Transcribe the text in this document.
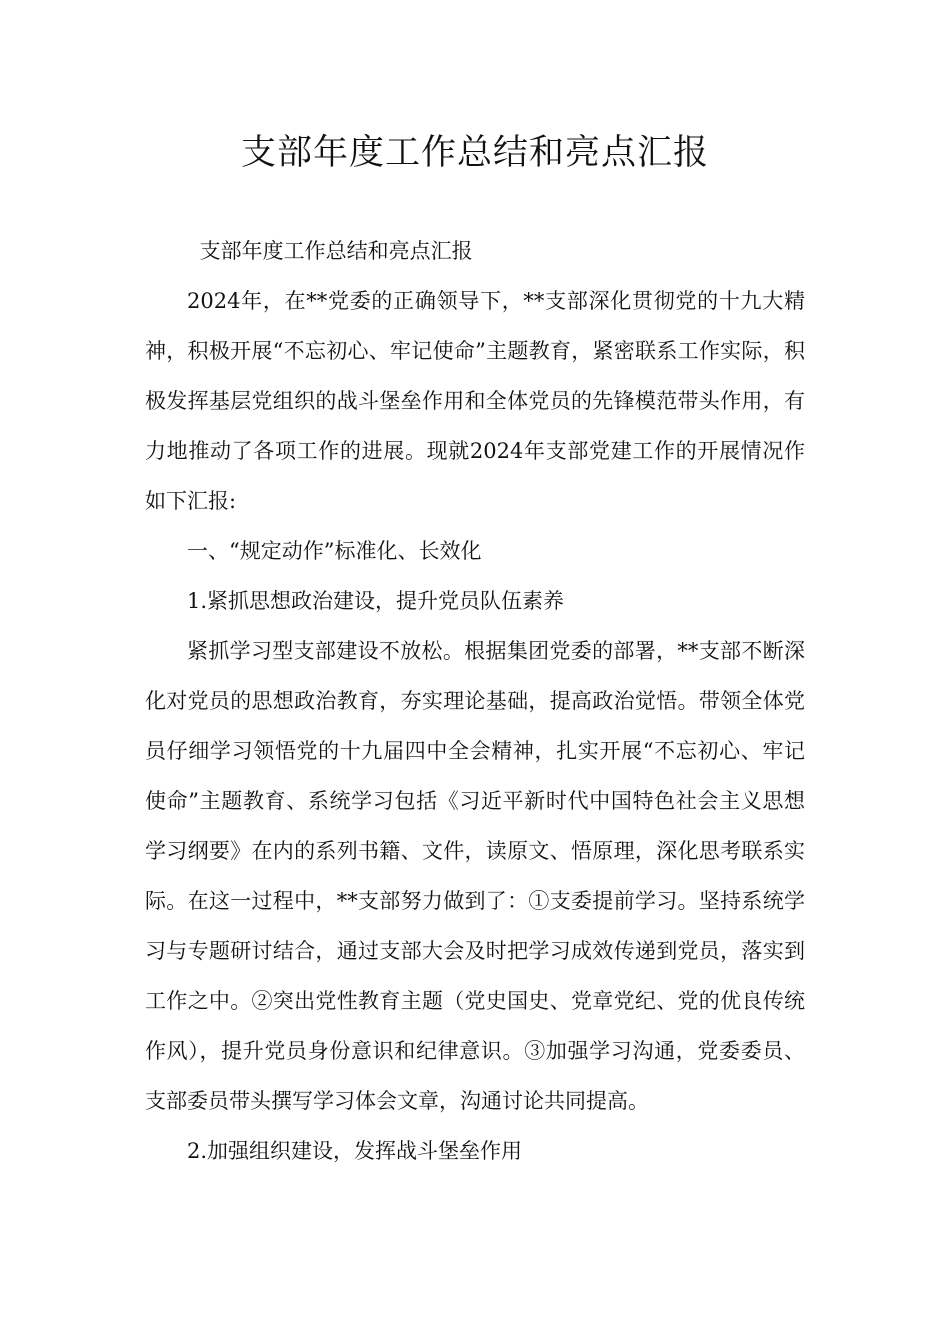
支部年度工作总结和亮点汇报

支部年度工作总结和亮点汇报

2024年，在**党委的正确领导下，**支部深化贯彻党的十九大精神，积极开展“不忘初心、牢记使命”主题教育，紧密联系工作实际，积极发挥基层党组织的战斗堡垒作用和全体党员的先锋模范带头作用，有力地推动了各项工作的进展。现就2024年支部党建工作的开展情况作如下汇报:

一、“规定动作”标准化、长效化

1.紧抓思想政治建设，提升党员队伍素养

紧抓学习型支部建设不放松。根据集团党委的部署，**支部不断深化对党员的思想政治教育，夯实理论基础，提高政治觉悟。带领全体党员仔细学习领悟党的十九届四中全会精神，扎实开展“不忘初心、牢记使命”主题教育、系统学习包括《习近平新时代中国特色社会主义思想学习纲要》在内的系列书籍、文件，读原文、悟原理，深化思考联系实际。在这一过程中，**支部努力做到了：①支委提前学习。坚持系统学习与专题研讨结合，通过支部大会及时把学习成效传递到党员，落实到工作之中。②突出党性教育主题（党史国史、党章党纪、党的优良传统作风），提升党员身份意识和纪律意识。③加强学习沟通，党委委员、支部委员带头撰写学习体会文章，沟通讨论共同提高。

2.加强组织建设，发挥战斗堡垒作用
